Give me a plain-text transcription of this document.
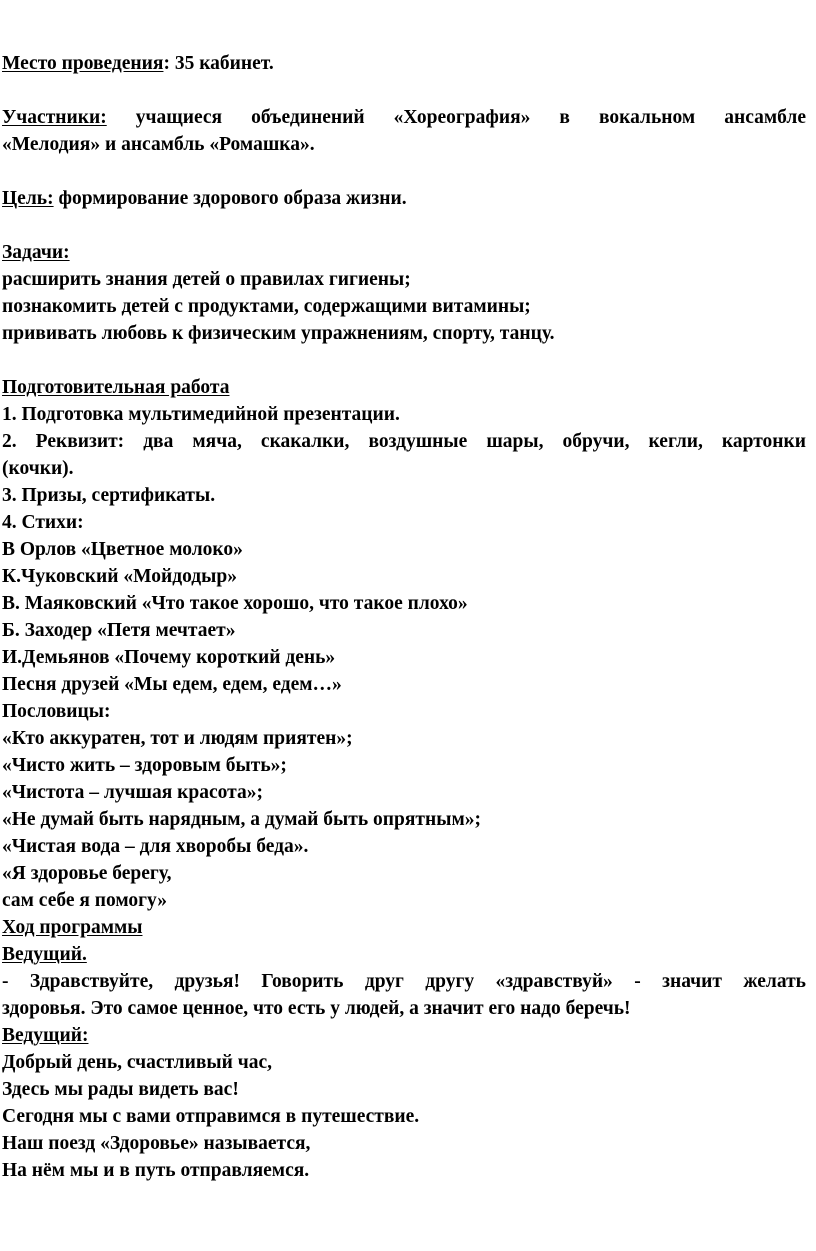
Место проведения: 35 кабинет.

Участники: учащиеся объединений «Хореография» в вокальном ансамбле

«Мелодия» и ансамбль «Ромашка».

Цель: формирование здорового образа жизни.

Задачи:

расширить знания детей о правилах гигиены;

познакомить детей с продуктами, содержащими витамины;

прививать любовь к физическим упражнениям, спорту, танцу.

Подготовительная работа

1. Подготовка мультимедийной презентации.

2. Реквизит: два мяча, скакалки, воздушные шары, обручи, кегли, картонки

(кочки).

3. Призы, сертификаты.

4. Стихи:

В Орлов «Цветное молоко»

К.Чуковский «Мойдодыр»

В. Маяковский «Что такое хорошо, что такое плохо»

Б. Заходер «Петя мечтает»

И.Демьянов «Почему короткий день»

Песня друзей «Мы едем, едем, едем…»

Пословицы:

«Кто аккуратен, тот и людям приятен»;

«Чисто жить – здоровым быть»;

«Чистота – лучшая красота»;

«Не думай быть нарядным, а думай быть опрятным»;

«Чистая вода – для хворобы беда».

«Я здоровье берегу,

сам себе я помогу»

Ход программы

Ведущий.

- Здравствуйте, друзья! Говорить друг другу «здравствуй» - значит желать

здоровья. Это самое ценное, что есть у людей, а значит его надо беречь!

Ведущий:

Добрый день, счастливый час,

Здесь мы рады видеть вас!

Сегодня мы с вами отправимся в путешествие.

Наш поезд «Здоровье» называется,

На нём мы и в путь отправляемся.
